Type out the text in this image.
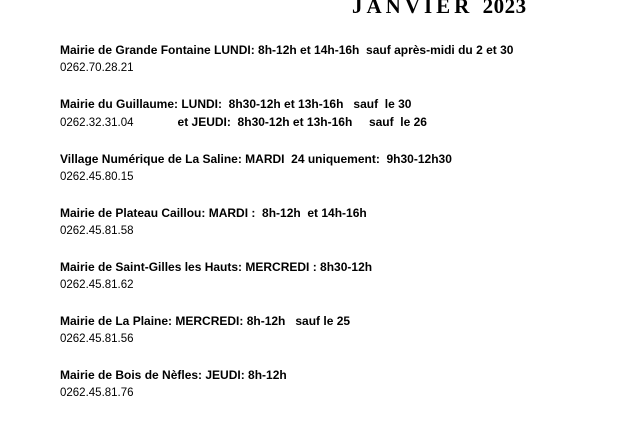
JANVIER 2023
Mairie de Grande Fontaine LUNDI: 8h-12h et 14h-16h  sauf après-midi du 2 et 30
0262.70.28.21
Mairie du Guillaume: LUNDI:  8h30-12h et 13h-16h   sauf  le 30
0262.32.31.04	et JEUDI:  8h30-12h et 13h-16h     sauf  le 26
Village Numérique de La Saline: MARDI  24 uniquement:  9h30-12h30
0262.45.80.15
Mairie de Plateau Caillou: MARDI :  8h-12h  et 14h-16h
0262.45.81.58
Mairie de Saint-Gilles les Hauts: MERCREDI : 8h30-12h
0262.45.81.62
Mairie de La Plaine: MERCREDI: 8h-12h   sauf le 25
0262.45.81.56
Mairie de Bois de Nèfles: JEUDI: 8h-12h
0262.45.81.76
